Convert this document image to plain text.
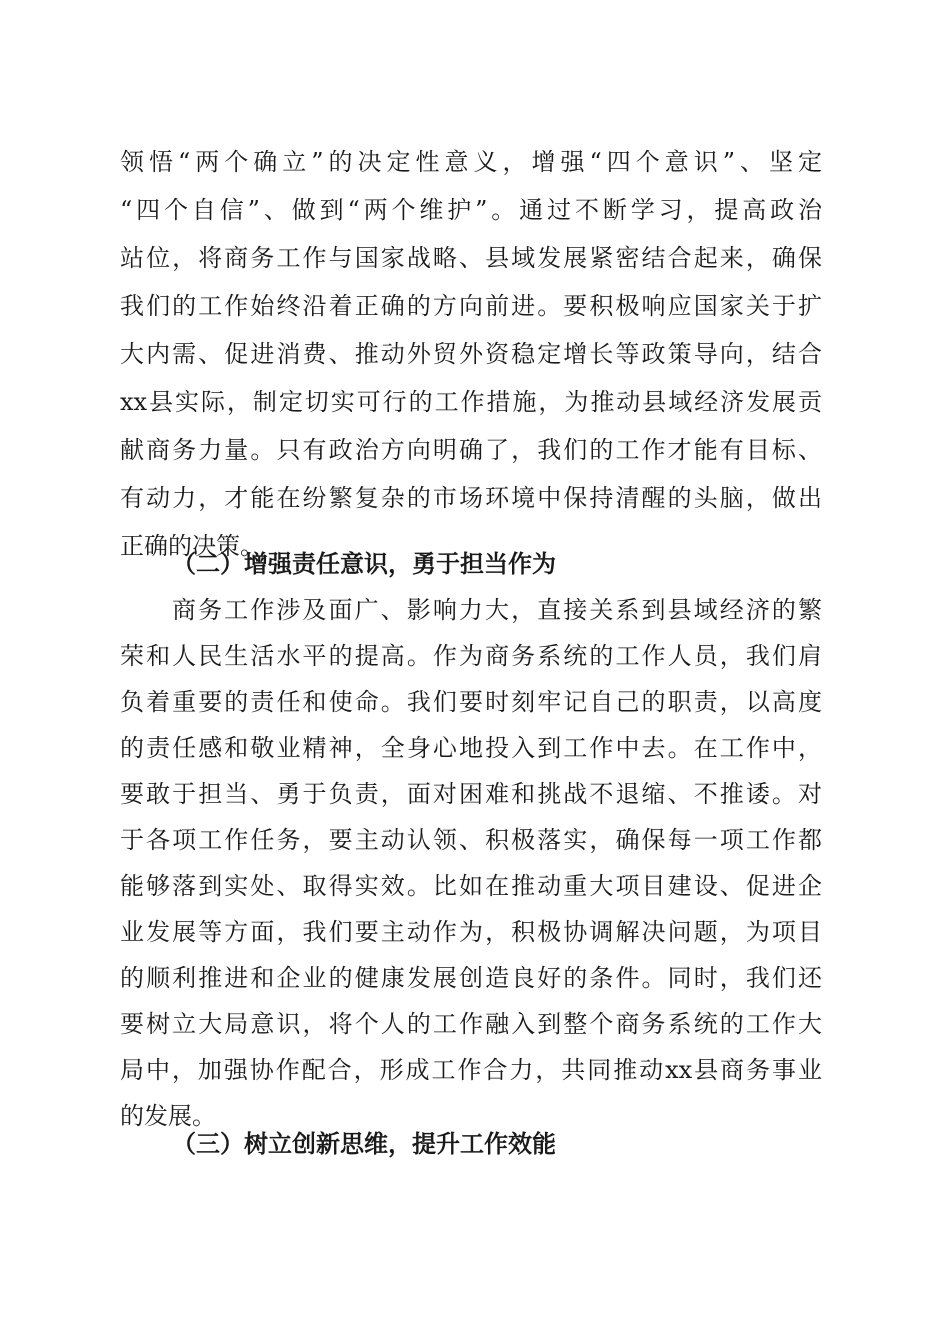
领悟“两个确立”的决定性意义，增强“四个意识”、坚定
“四个自信”、做到“两个维护”。通过不断学习，提高政治
站位，将商务工作与国家战略、县域发展紧密结合起来，确保
我们的工作始终沿着正确的方向前进。要积极响应国家关于扩
大内需、促进消费、推动外贸外资稳定增长等政策导向，结合
xx县实际，制定切实可行的工作措施，为推动县域经济发展贡
献商务力量。只有政治方向明确了，我们的工作才能有目标、
有动力，才能在纷繁复杂的市场环境中保持清醒的头脑，做出
正确的决策。
（二）增强责任意识，勇于担当作为
商务工作涉及面广、影响力大，直接关系到县域经济的繁
荣和人民生活水平的提高。作为商务系统的工作人员，我们肩
负着重要的责任和使命。我们要时刻牢记自己的职责，以高度
的责任感和敬业精神，全身心地投入到工作中去。在工作中，
要敢于担当、勇于负责，面对困难和挑战不退缩、不推诿。对
于各项工作任务，要主动认领、积极落实，确保每一项工作都
能够落到实处、取得实效。比如在推动重大项目建设、促进企
业发展等方面，我们要主动作为，积极协调解决问题，为项目
的顺利推进和企业的健康发展创造良好的条件。同时，我们还
要树立大局意识，将个人的工作融入到整个商务系统的工作大
局中，加强协作配合，形成工作合力，共同推动xx县商务事业
的发展。
（三）树立创新思维，提升工作效能
